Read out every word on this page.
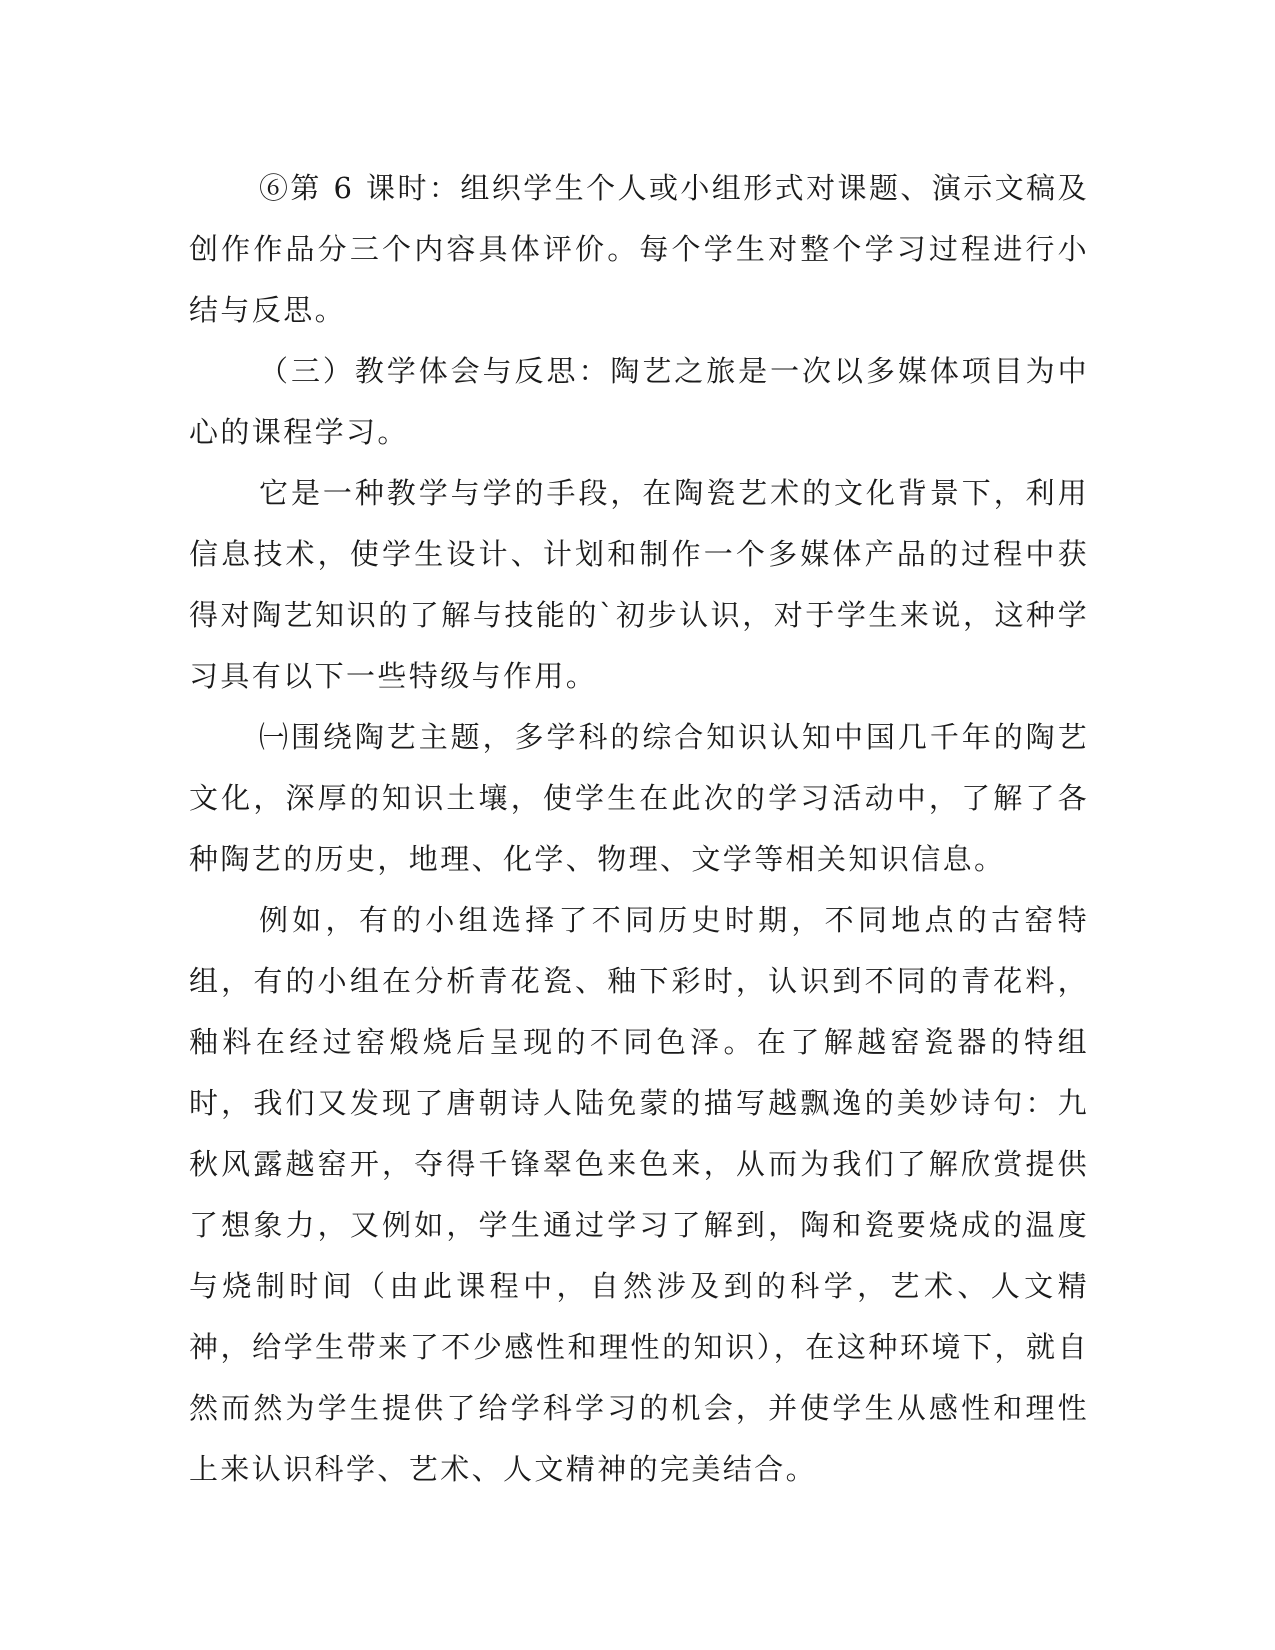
⑥第 6 课时：组织学生个人或小组形式对课题、演示文稿及创作作品分三个内容具体评价。每个学生对整个学习过程进行小结与反思。

（三）教学体会与反思：陶艺之旅是一次以多媒体项目为中心的课程学习。

它是一种教学与学的手段，在陶瓷艺术的文化背景下，利用信息技术，使学生设计、计划和制作一个多媒体产品的过程中获得对陶艺知识的了解与技能的`初步认识，对于学生来说，这种学习具有以下一些特级与作用。

㈠围绕陶艺主题，多学科的综合知识认知中国几千年的陶艺文化，深厚的知识土壤，使学生在此次的学习活动中，了解了各种陶艺的历史，地理、化学、物理、文学等相关知识信息。

例如，有的小组选择了不同历史时期，不同地点的古窑特组，有的小组在分析青花瓷、釉下彩时，认识到不同的青花料，釉料在经过窑煅烧后呈现的不同色泽。在了解越窑瓷器的特组时，我们又发现了唐朝诗人陆免蒙的描写越飘逸的美妙诗句：九秋风露越窑开，夺得千锋翠色来色来，从而为我们了解欣赏提供了想象力，又例如，学生通过学习了解到，陶和瓷要烧成的温度与烧制时间（由此课程中，自然涉及到的科学，艺术、人文精神，给学生带来了不少感性和理性的知识），在这种环境下，就自然而然为学生提供了给学科学习的机会，并使学生从感性和理性上来认识科学、艺术、人文精神的完美结合。
